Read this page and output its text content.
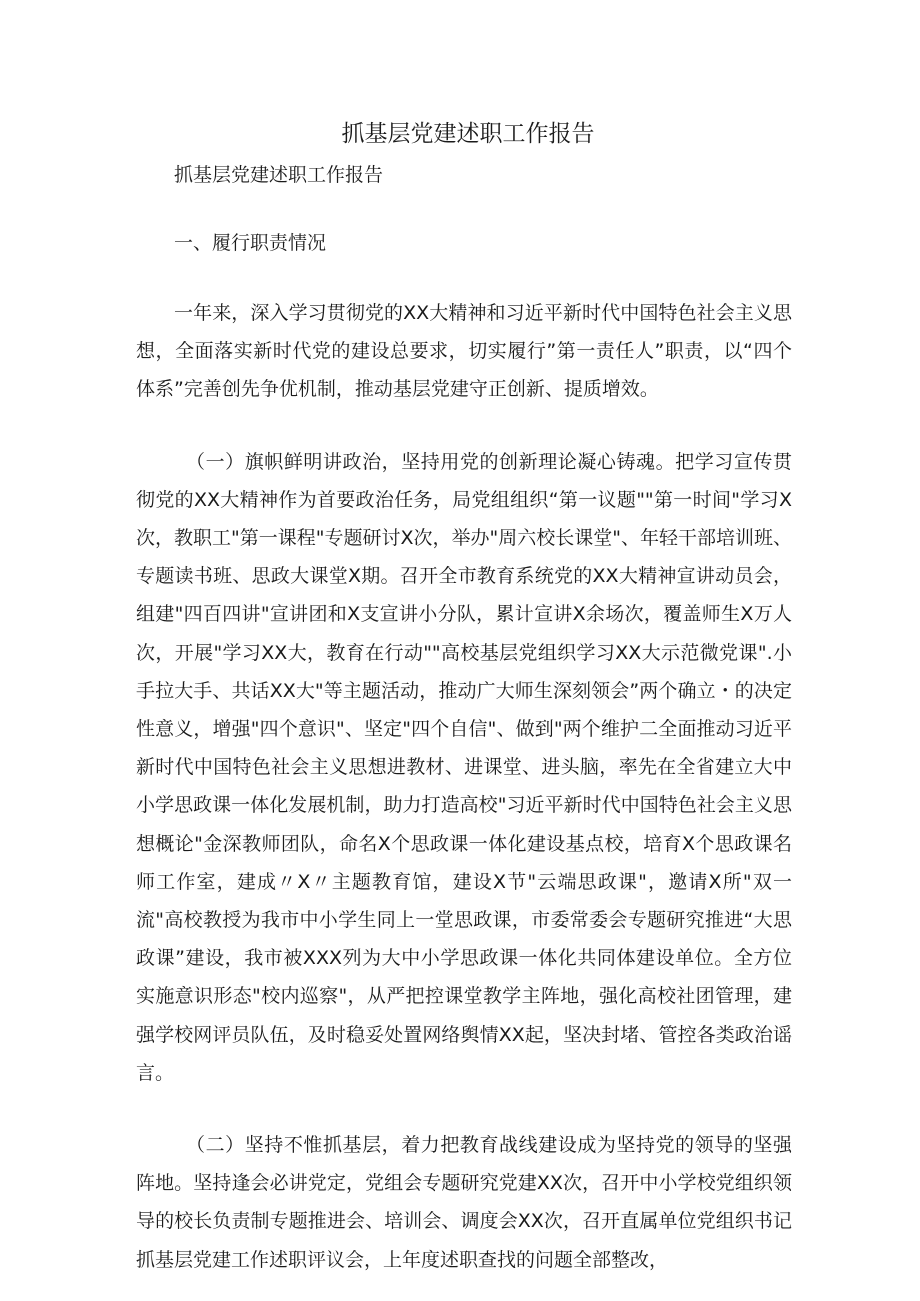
抓基层党建述职工作报告

抓基层党建述职工作报告

一、履行职责情况

一年来，深入学习贯彻党的XX大精神和习近平新时代中国特色社会主义思想，全面落实新时代党的建设总要求，切实履行”第一责任人”职责，以“四个体系”完善创先争优机制，推动基层党建守正创新、提质增效。

（一）旗帜鲜明讲政治，坚持用党的创新理论凝心铸魂。把学习宣传贯彻党的XX大精神作为首要政治任务，局党组组织“第一议题""第一时间"学习X次，教职工"第一课程"专题研讨X次，举办"周六校长课堂"、年轻干部培训班、专题读书班、思政大课堂X期。召开全市教育系统党的XX大精神宣讲动员会，组建"四百四讲"宣讲团和X支宣讲小分队，累计宣讲X余场次，覆盖师生X万人次，开展"学习XX大，教育在行动""高校基层党组织学习XX大示范微党课".小手拉大手、共话XX大"等主题活动，推动广大师生深刻领会”两个确立・的决定性意义，增强"四个意识"、坚定"四个自信"、做到"两个维护二全面推动习近平新时代中国特色社会主义思想进教材、进课堂、进头脑，率先在全省建立大中小学思政课一体化发展机制，助力打造高校"习近平新时代中国特色社会主义思想概论"金深教师团队，命名X个思政课一体化建设基点校，培育X个思政课名师工作室，建成〃X〃主题教育馆，建设X节"云端思政课"，邀请X所"双一流"高校教授为我市中小学生同上一堂思政课，市委常委会专题研究推进“大思政课”建设，我市被XXX列为大中小学思政课一体化共同体建设单位。全方位实施意识形态"校内巡察"，从严把控课堂教学主阵地，强化高校社团管理，建强学校网评员队伍，及时稳妥处置网络舆情XX起，坚决封堵、管控各类政治谣言。

（二）坚持不惟抓基层，着力把教育战线建设成为坚持党的领导的坚强阵地。坚持逢会必讲党定，党组会专题研究党建XX次，召开中小学校党组织领导的校长负责制专题推进会、培训会、调度会XX次，召开直属单位党组织书记抓基层党建工作述职评议会，上年度述职查找的问题全部整改，
